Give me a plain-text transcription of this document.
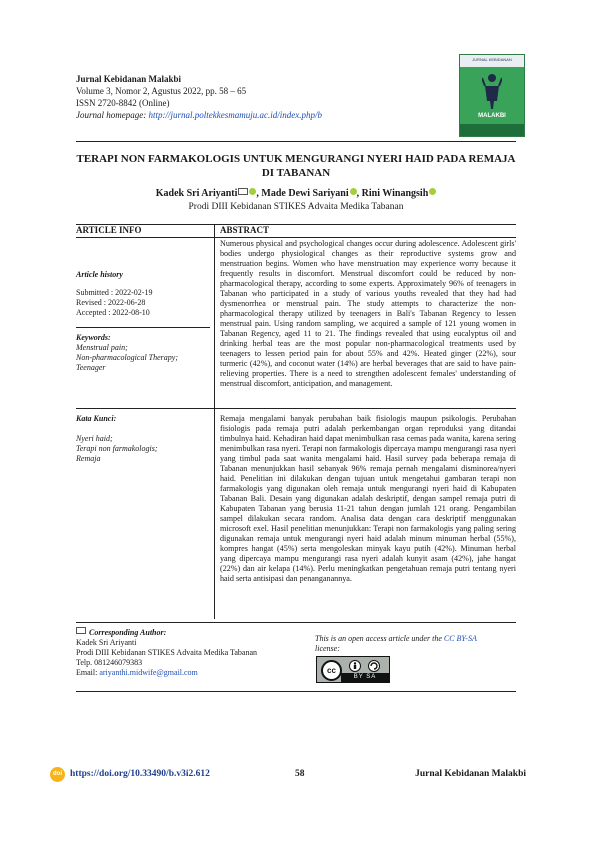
Jurnal Kebidanan Malakbi
Volume 3, Nomor 2, Agustus 2022, pp. 58 – 65
ISSN 2720-8842 (Online)
Journal homepage: http://jurnal.poltekkesmamuju.ac.id/index.php/b
JURNAL KEBIDANAN
MALAKBI
TERAPI NON FARMAKOLOGIS UNTUK MENGURANGI NYERI HAID PADA REMAJA DI TABANAN
Kadek Sri Ariyanti , Made Dewi Sariyani , Rini Winangsih
Prodi DIII Kebidanan STIKES Advaita Medika Tabanan
ARTICLE INFO	ABSTRACT
Article history
Submitted : 2022-02-19
Revised : 2022-06-28
Accepted : 2022-08-10
Keywords:
Menstrual pain;
Non-pharmacological Therapy;
Teenager
Kata Kunci:
Nyeri haid;
Terapi non farmakologis;
Remaja

Numerous physical and psychological changes occur during adolescence. Adolescent girls' bodies undergo physiological changes as their reproductive systems grow and menstruation begins. Women who have menstruation may experience worry because it frequently results in discomfort. Menstrual discomfort could be reduced by non-pharmacological therapy, according to some experts. Approximately 96% of teenagers in Tabanan who participated in a study of various youths revealed that they had had dysmenorrhea or menstrual pain. The study attempts to characterize the non-pharmacological therapy utilized by teenagers in Bali's Tabanan Regency to lessen menstrual pain. Using random sampling, we acquired a sample of 121 young women in Tabanan Regency, aged 11 to 21. The findings revealed that using eucalyptus oil and drinking herbal teas are the most popular non-pharmacological treatments used by teenagers to lessen period pain for about 55% and 42%. Heated ginger (22%), sour turmeric (42%), and coconut water (14%) are herbal beverages that are said to have pain-relieving properties. There is a need to strengthen adolescent females' understanding of menstrual discomfort, anticipation, and management.

Remaja mengalami banyak perubahan baik fisiologis maupun psikologis. Perubahan fisiologis pada remaja putri adalah perkembangan organ reproduksi yang ditandai timbulnya haid. Kehadiran haid dapat menimbulkan rasa cemas pada wanita, karena sering menimbulkan rasa nyeri. Terapi non farmakologis dipercaya mampu mengurangi rasa nyeri yang timbul pada saat wanita mengalami haid. Hasil survey pada beberapa remaja di Tabanan menunjukkan hasil sebanyak 96% remaja pernah mengalami disminorea/nyeri haid. Penelitian ini dilakukan dengan tujuan untuk mengetahui gambaran terapi non farmakologis yang digunakan oleh remaja untuk mengurangi nyeri haid di Kabupaten Tabanan Bali. Desain yang digunakan adalah deskriptif, dengan sampel remaja putri di Kabupaten Tabanan yang berusia 11-21 tahun dengan jumlah 121 orang. Pengambilan sampel dilakukan secara random. Analisa data dengan cara deskriptif menggunakan microsoft exel. Hasil penelitian menunjukkan: Terapi non farmakologis yang paling sering digunakan remaja untuk mengurangi nyeri haid adalah minum minuman herbal (55%), kompres hangat (45%) serta mengoleskan minyak kayu putih (42%). Minuman herbal yang dipercaya mampu mengurangi rasa nyeri adalah kunyit asam (42%), jahe hangat (22%) dan air kelapa (14%). Perlu meningkatkan pengetahuan remaja putri tentang nyeri haid serta antisipasi dan penanganannya.

Corresponding Author:
Kadek Sri Ariyanti
Prodi DIII Kebidanan STIKES Advaita Medika Tabanan
Telp. 081246079383
Email: ariyanthi.midwife@gmail.com
This is an open access article under the CC BY-SA
license:
cc
BY SA
doi https://doi.org/10.33490/b.v3i2.612	58	Jurnal Kebidanan Malakbi
